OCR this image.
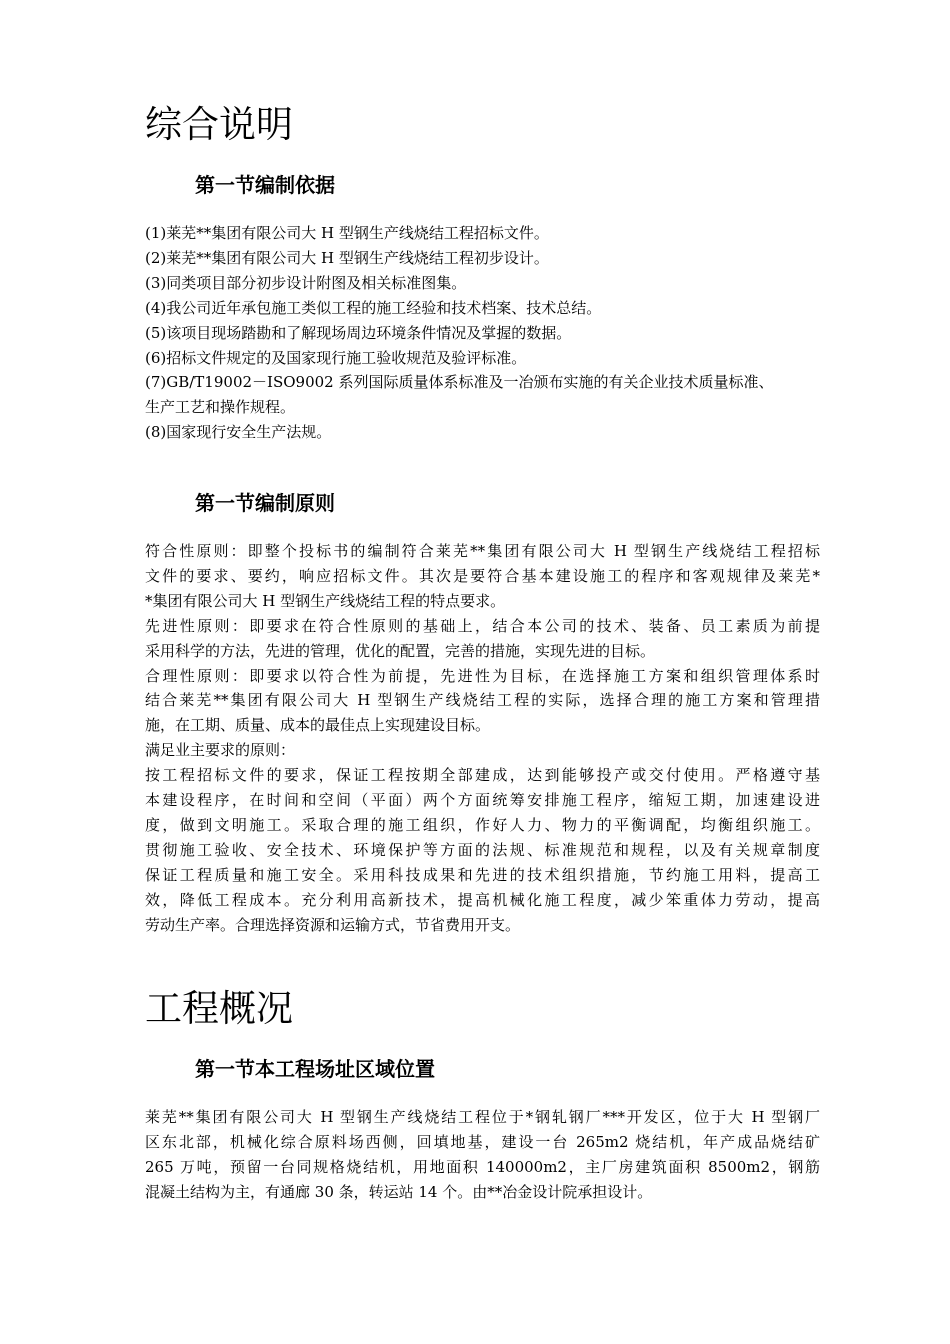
综合说明
第一节编制依据
(1)莱芜**集团有限公司大 H 型钢生产线烧结工程招标文件。
(2)莱芜**集团有限公司大 H 型钢生产线烧结工程初步设计。
(3)同类项目部分初步设计附图及相关标准图集。
(4)我公司近年承包施工类似工程的施工经验和技术档案、技术总结。
(5)该项目现场踏勘和了解现场周边环境条件情况及掌握的数据。
(6)招标文件规定的及国家现行施工验收规范及验评标准。
(7)GB/T19002－ISO9002 系列国际质量体系标准及一冶颁布实施的有关企业技术质量标准、
生产工艺和操作规程。
(8)国家现行安全生产法规。
第一节编制原则
符合性原则：即整个投标书的编制符合莱芜**集团有限公司大 H 型钢生产线烧结工程招标
文件的要求、要约，响应招标文件。其次是要符合基本建设施工的程序和客观规律及莱芜*
*集团有限公司大 H 型钢生产线烧结工程的特点要求。
先进性原则：即要求在符合性原则的基础上，结合本公司的技术、装备、员工素质为前提
采用科学的方法，先进的管理，优化的配置，完善的措施，实现先进的目标。
合理性原则：即要求以符合性为前提，先进性为目标，在选择施工方案和组织管理体系时
结合莱芜**集团有限公司大 H 型钢生产线烧结工程的实际，选择合理的施工方案和管理措
施，在工期、质量、成本的最佳点上实现建设目标。
满足业主要求的原则：
按工程招标文件的要求，保证工程按期全部建成，达到能够投产或交付使用。严格遵守基
本建设程序，在时间和空间（平面）两个方面统筹安排施工程序，缩短工期，加速建设进
度，做到文明施工。采取合理的施工组织，作好人力、物力的平衡调配，均衡组织施工。
贯彻施工验收、安全技术、环境保护等方面的法规、标准规范和规程，以及有关规章制度
保证工程质量和施工安全。采用科技成果和先进的技术组织措施，节约施工用料，提高工
效，降低工程成本。充分利用高新技术，提高机械化施工程度，减少笨重体力劳动，提高
劳动生产率。合理选择资源和运输方式，节省费用开支。
工程概况
第一节本工程场址区域位置
莱芜**集团有限公司大 H 型钢生产线烧结工程位于*钢轧钢厂***开发区，位于大 H 型钢厂
区东北部，机械化综合原料场西侧，回填地基，建设一台 265m2 烧结机，年产成品烧结矿
265 万吨，预留一台同规格烧结机，用地面积 140000m2，主厂房建筑面积 8500m2，钢筋
混凝土结构为主，有通廊 30 条，转运站 14 个。由**冶金设计院承担设计。
